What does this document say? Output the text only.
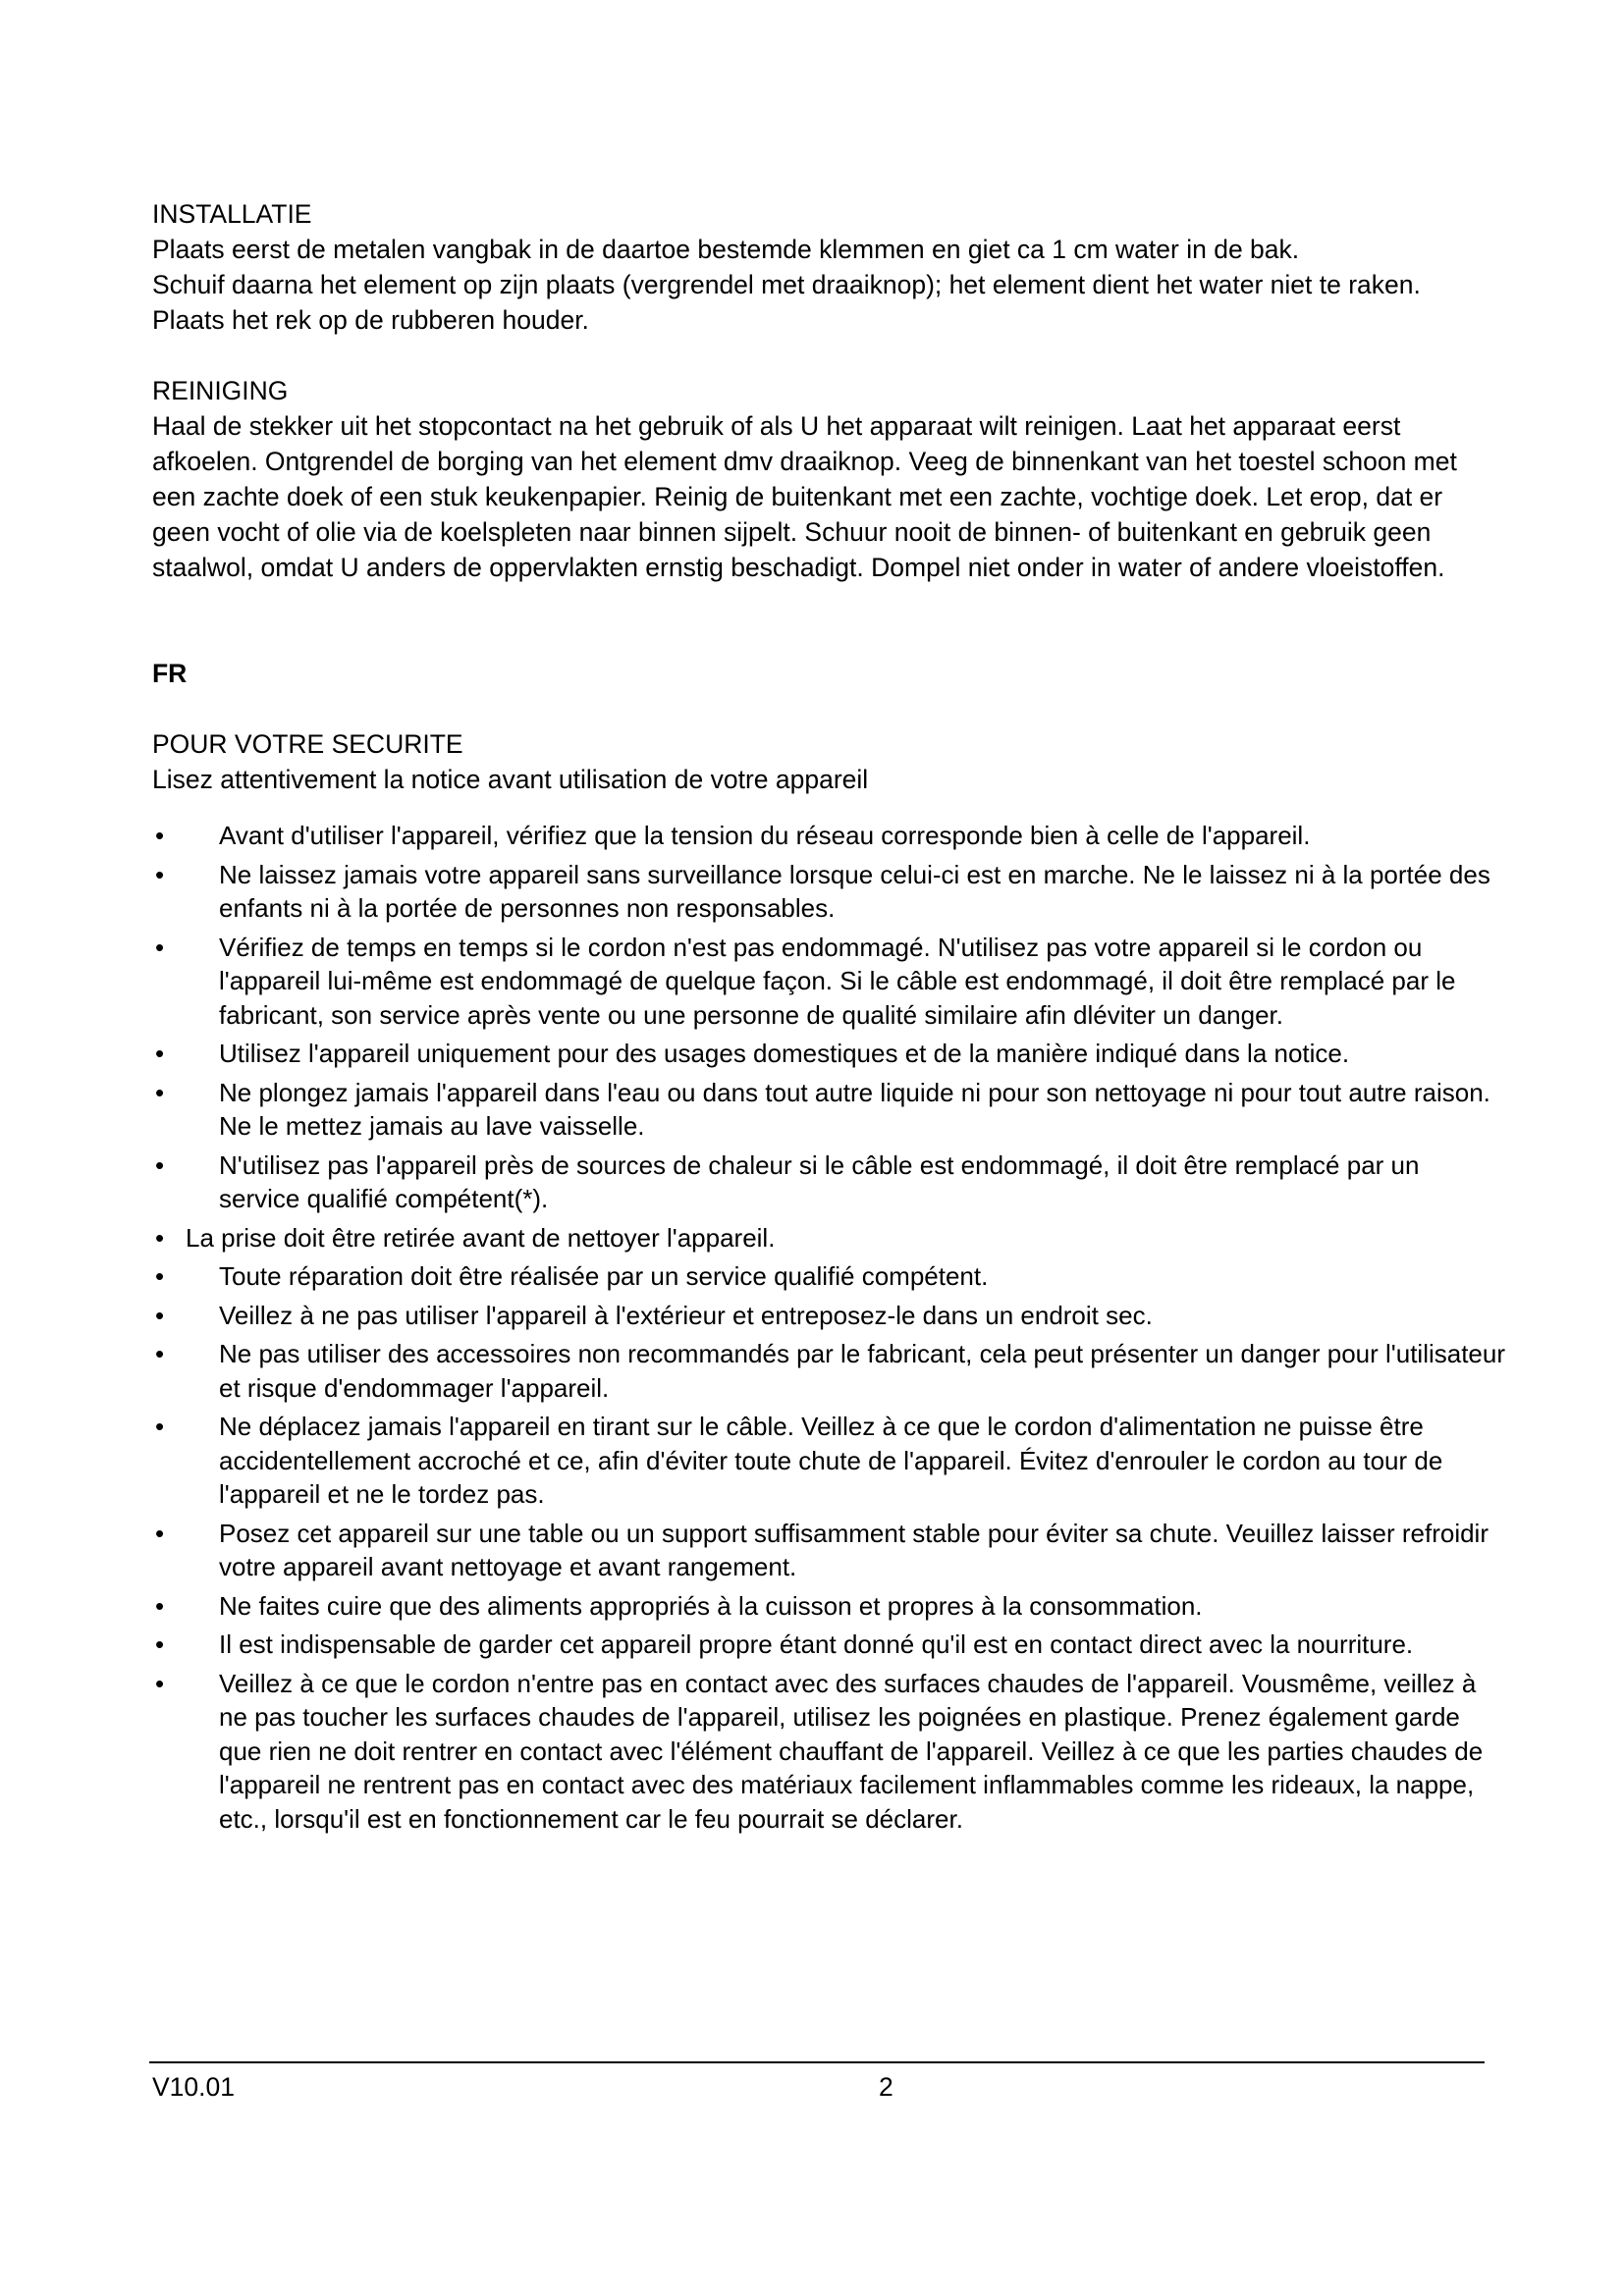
INSTALLATIE

Plaats eerst de metalen vangbak in de daartoe bestemde klemmen en giet ca 1 cm water in de bak.

Schuif daarna het element op zijn plaats (vergrendel met draaiknop); het element dient het water niet te raken.

Plaats het rek op de rubberen houder.

REINIGING

Haal de stekker uit het stopcontact na het gebruik of als U het apparaat wilt reinigen. Laat het apparaat eerst afkoelen. Ontgrendel de borging van het element dmv draaiknop. Veeg de binnenkant van het toestel schoon met een zachte doek of een stuk keukenpapier. Reinig de buitenkant met een zachte, vochtige doek. Let erop, dat er geen vocht of olie via de koelspleten naar binnen sijpelt. Schuur nooit de binnen- of buitenkant en gebruik geen staalwol, omdat U anders de oppervlakten ernstig beschadigt. Dompel niet onder in water of andere vloeistoffen.

FR

POUR VOTRE SECURITE

Lisez attentivement la notice avant utilisation de votre appareil

• Avant d'utiliser l'appareil, vérifiez que la tension du réseau corresponde bien à celle de l'appareil.
• Ne laissez jamais votre appareil sans surveillance lorsque celui-ci est en marche. Ne le laissez ni à la portée des enfants ni à la portée de personnes non responsables.
• Vérifiez de temps en temps si le cordon n'est pas endommagé. N'utilisez pas votre appareil si le cordon ou l'appareil lui-même est endommagé de quelque façon. Si le câble est endommagé, il doit être remplacé par le fabricant, son service après vente ou une personne de qualité similaire afin dléviter un danger.
• Utilisez l'appareil uniquement pour des usages domestiques et de la manière indiqué dans la notice.
• Ne plongez jamais l'appareil dans l'eau ou dans tout autre liquide ni pour son nettoyage ni pour tout autre raison. Ne le mettez jamais au lave vaisselle.
• N'utilisez pas l'appareil près de sources de chaleur si le câble est endommagé, il doit être remplacé par un service qualifié compétent(*).
• La prise doit être retirée avant de nettoyer l'appareil.
• Toute réparation doit être réalisée par un service qualifié compétent.
• Veillez à ne pas utiliser l'appareil à l'extérieur et entreposez-le dans un endroit sec.
• Ne pas utiliser des accessoires non recommandés par le fabricant, cela peut présenter un danger pour l'utilisateur et risque d'endommager l'appareil.
• Ne déplacez jamais l'appareil en tirant sur le câble. Veillez à ce que le cordon d'alimentation ne puisse être accidentellement accroché et ce, afin d'éviter toute chute de l'appareil. Évitez d'enrouler le cordon au tour de l'appareil et ne le tordez pas.
• Posez cet appareil sur une table ou un support suffisamment stable pour éviter sa chute. Veuillez laisser refroidir votre appareil avant nettoyage et avant rangement.
• Ne faites cuire que des aliments appropriés à la cuisson et propres à la consommation.
• Il est indispensable de garder cet appareil propre étant donné qu'il est en contact direct avec la nourriture.
• Veillez à ce que le cordon n'entre pas en contact avec des surfaces chaudes de l'appareil. Vousmême, veillez à ne pas toucher les surfaces chaudes de l'appareil, utilisez les poignées en plastique. Prenez également garde que rien ne doit rentrer en contact avec l'élément chauffant de l'appareil. Veillez à ce que les parties chaudes de l'appareil ne rentrent pas en contact avec des matériaux facilement inflammables comme les rideaux, la nappe, etc., lorsqu'il est en fonctionnement car le feu pourrait se déclarer.
V10.01	2
